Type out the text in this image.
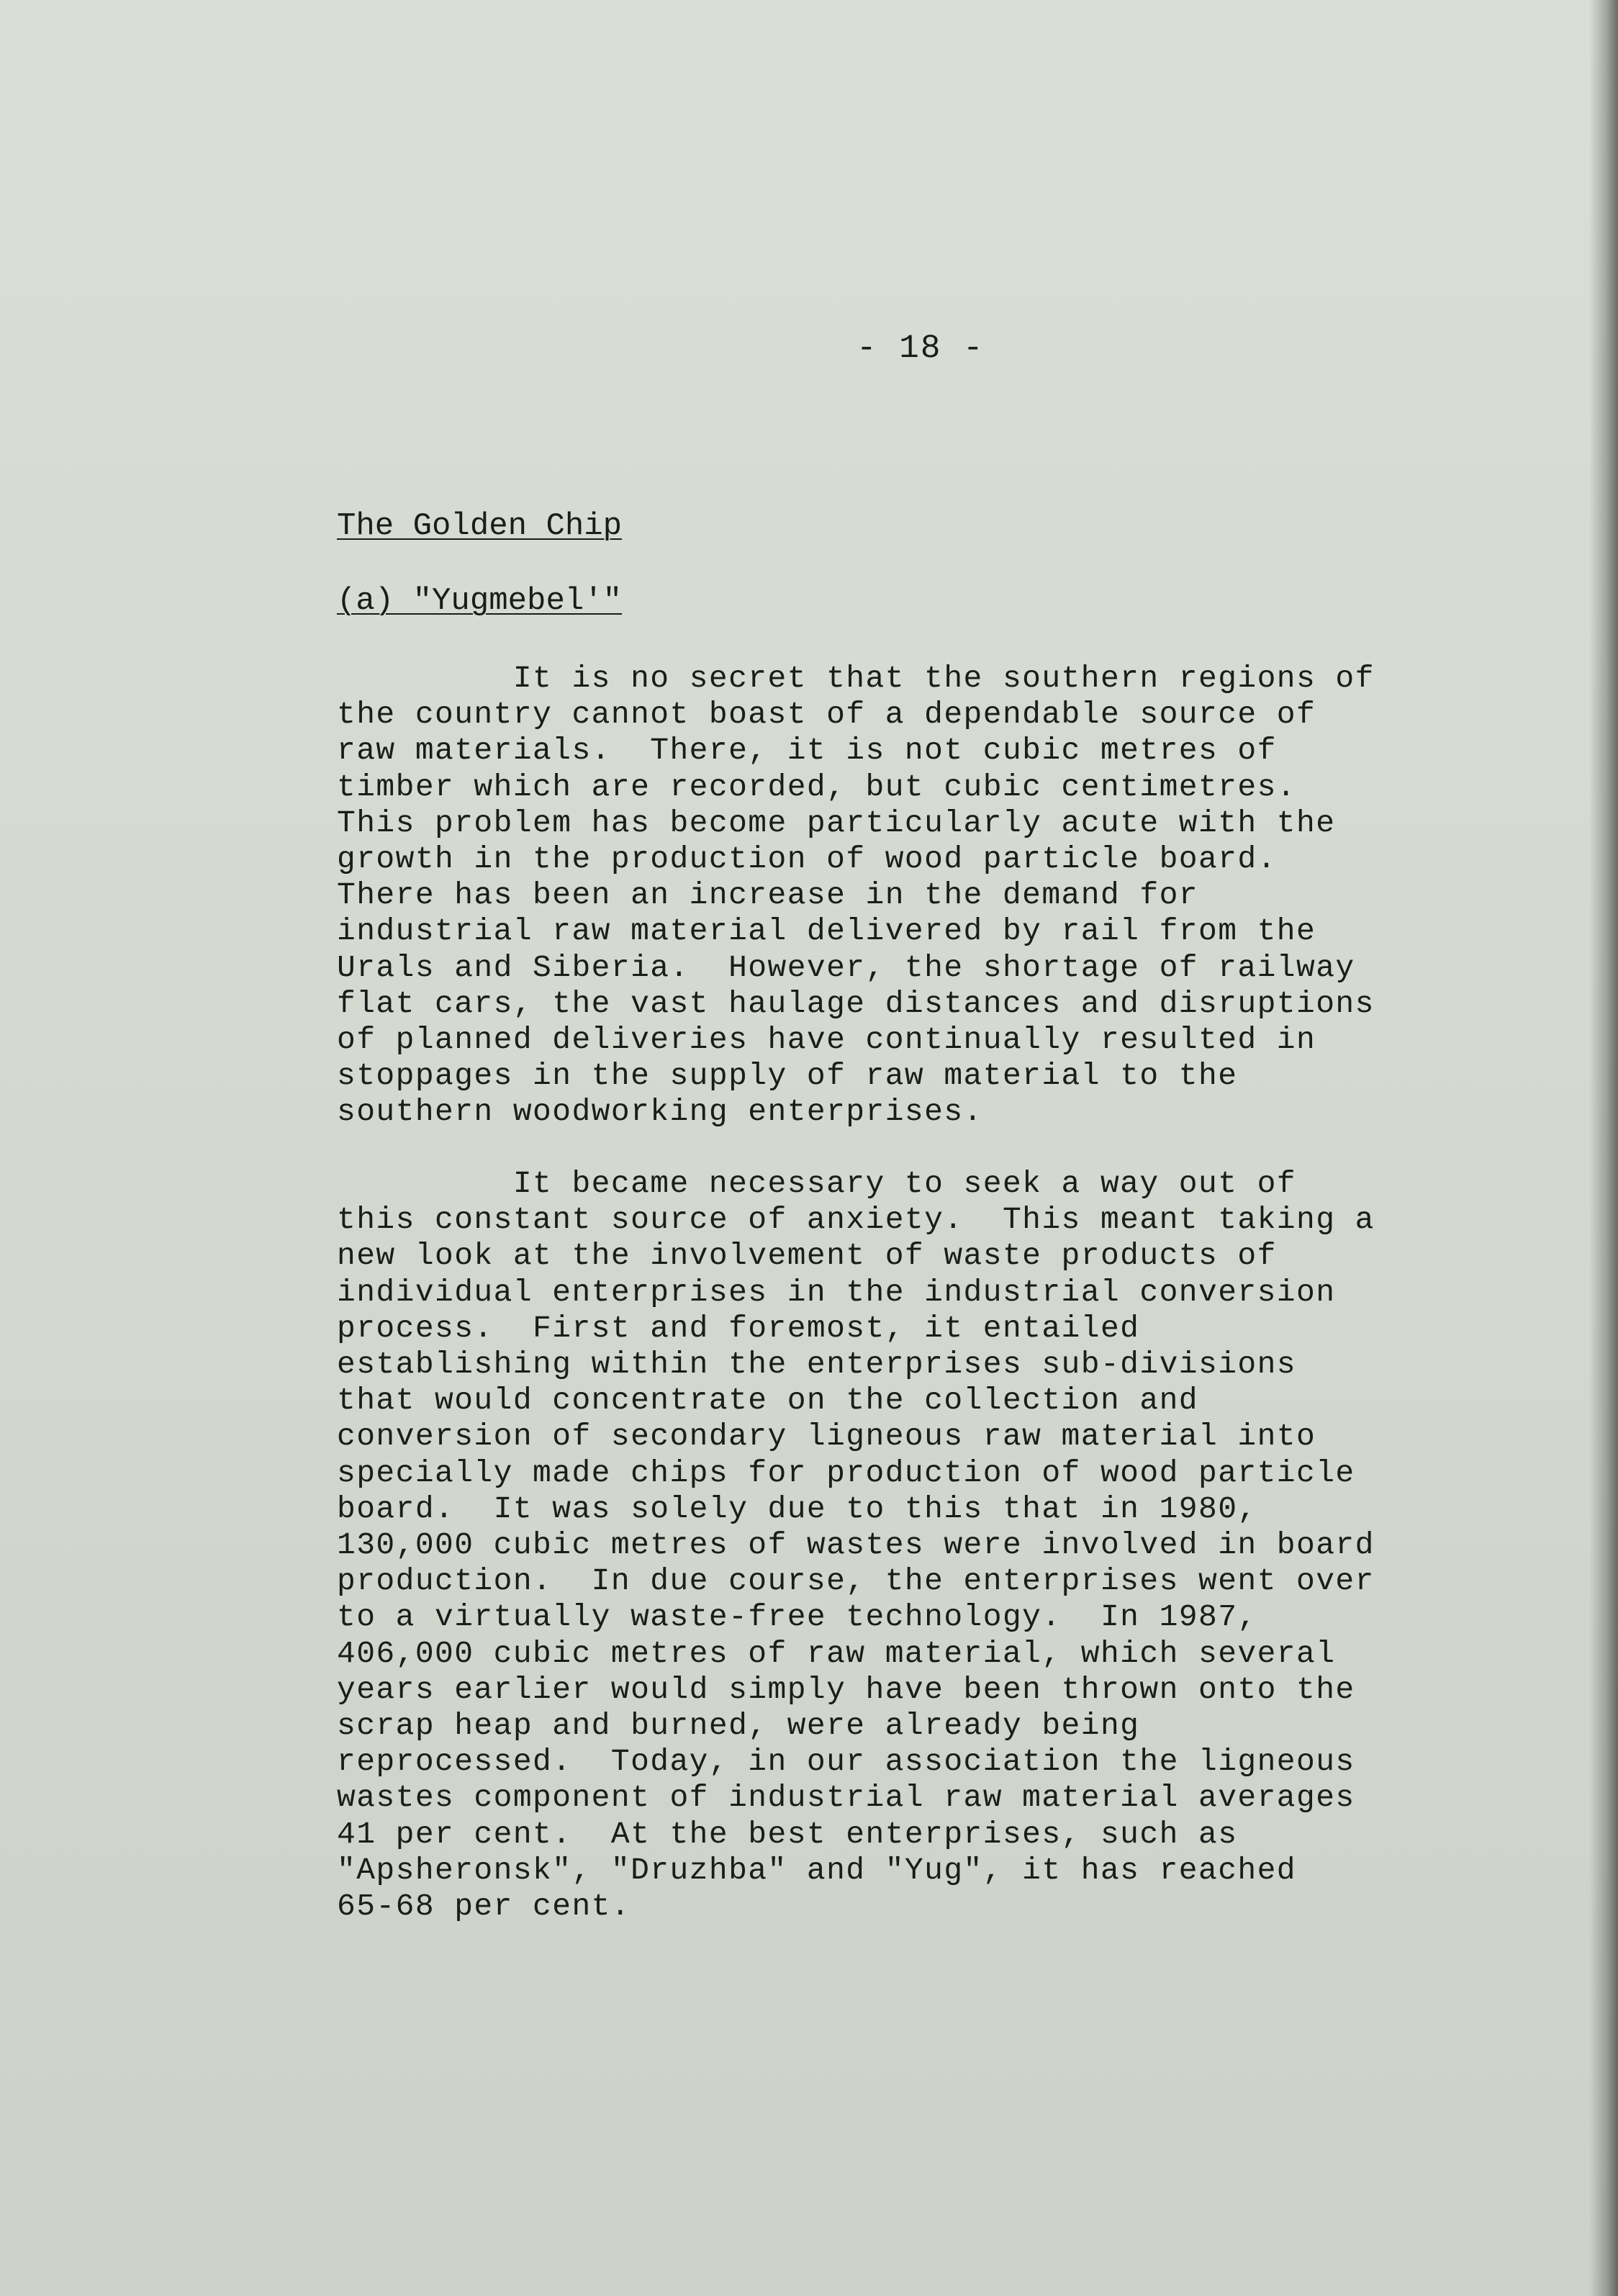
- 18 -
The Golden Chip
(a) "Yugmebel'"
It is no secret that the southern regions of
the country cannot boast of a dependable source of
raw materials.  There, it is not cubic metres of
timber which are recorded, but cubic centimetres.
This problem has become particularly acute with the
growth in the production of wood particle board.
There has been an increase in the demand for
industrial raw material delivered by rail from the
Urals and Siberia.  However, the shortage of railway
flat cars, the vast haulage distances and disruptions
of planned deliveries have continually resulted in
stoppages in the supply of raw material to the
southern woodworking enterprises.
It became necessary to seek a way out of
this constant source of anxiety.  This meant taking a
new look at the involvement of waste products of
individual enterprises in the industrial conversion
process.  First and foremost, it entailed
establishing within the enterprises sub-divisions
that would concentrate on the collection and
conversion of secondary ligneous raw material into
specially made chips for production of wood particle
board.  It was solely due to this that in 1980,
130,000 cubic metres of wastes were involved in board
production.  In due course, the enterprises went over
to a virtually waste-free technology.  In 1987,
406,000 cubic metres of raw material, which several
years earlier would simply have been thrown onto the
scrap heap and burned, were already being
reprocessed.  Today, in our association the ligneous
wastes component of industrial raw material averages
41 per cent.  At the best enterprises, such as
"Apsheronsk", "Druzhba" and "Yug", it has reached
65-68 per cent.
